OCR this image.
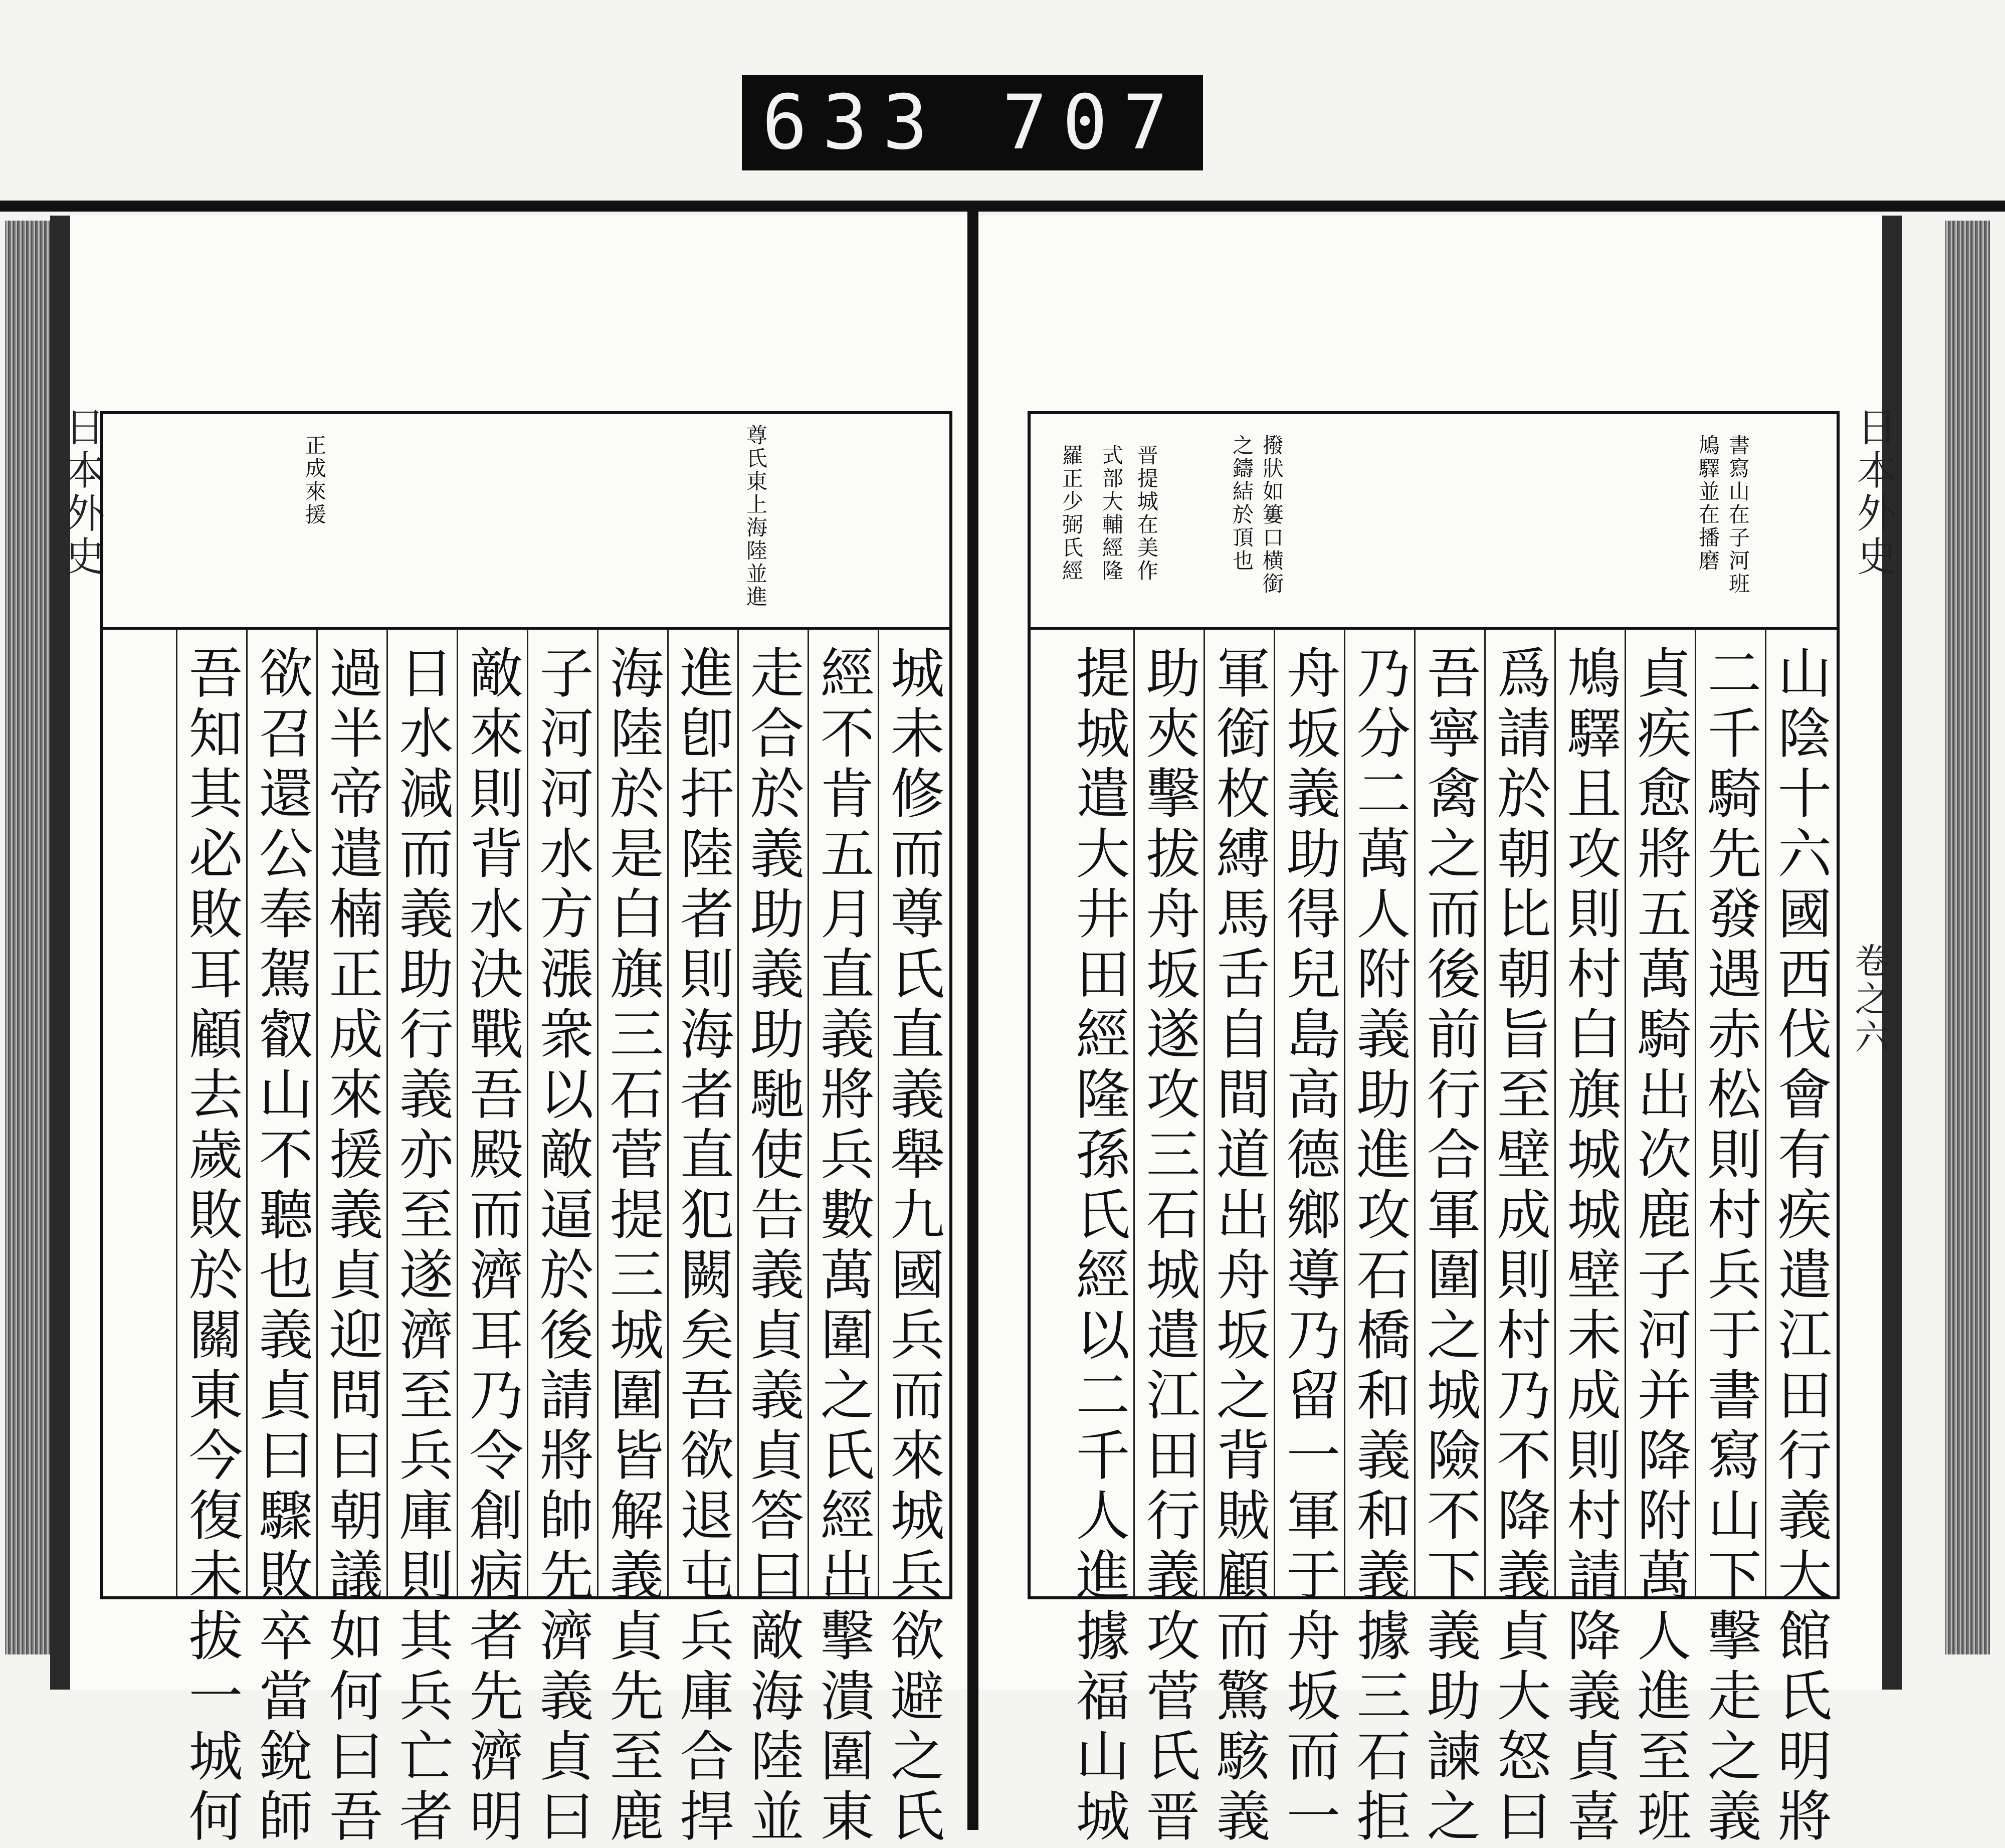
633 707
日本外史	尊氏東上海陸並進
正成來援
城未修而尊氏直義舉九國兵而來城兵欲避之氏
經不肯五月直義將兵數萬圍之氏經出擊潰圍東
走合於義助義助馳使告義貞義貞答曰敵海陸並
進卽扞陸者則海者直犯闕矣吾欲退屯兵庫合捍
海陸於是白旗三石菅提三城圍皆解義貞先至鹿
子河河水方漲衆以敵逼於後請將帥先濟義貞曰
敵來則背水決戰吾殿而濟耳乃令創病者先濟明
日水減而義助行義亦至遂濟至兵庫則其兵亡者
過半帝遣楠正成來援義貞迎問曰朝議如何曰吾
欲召還公奉駕叡山不聽也義貞曰驟敗卒當銳師
吾知其必敗耳顧去歲敗於關東今復未拔一城何
日本外史
卷之六
書寫山在子河班
鳩驛並在播磨
撥狀如簍口横銜
之鑄結於頂也
晋提城在美作
式部大輔經隆
羅正少弼氏經
山陰十六國西伐會有疾遣江田行義大館氏明將
二千騎先發遇赤松則村兵于書寫山下擊走之義
貞疾愈將五萬騎出次鹿子河并降附萬人進至班
鳩驛且攻則村白旗城城壁未成則村請降義貞喜
爲請於朝比朝旨至壁成則村乃不降義貞大怒曰
吾寧禽之而後前行合軍圍之城險不下義助諫之
乃分二萬人附義助進攻石橋和義和義據三石拒
舟坂義助得兒島高德鄉導乃留一軍于舟坂而一
軍銜枚縛馬舌自間道出舟坂之背賊顧而驚駭義
助夾擊拔舟坂遂攻三石城遣江田行義攻菅氏晋
提城遣大井田經隆孫氏經以二千人進據福山城
